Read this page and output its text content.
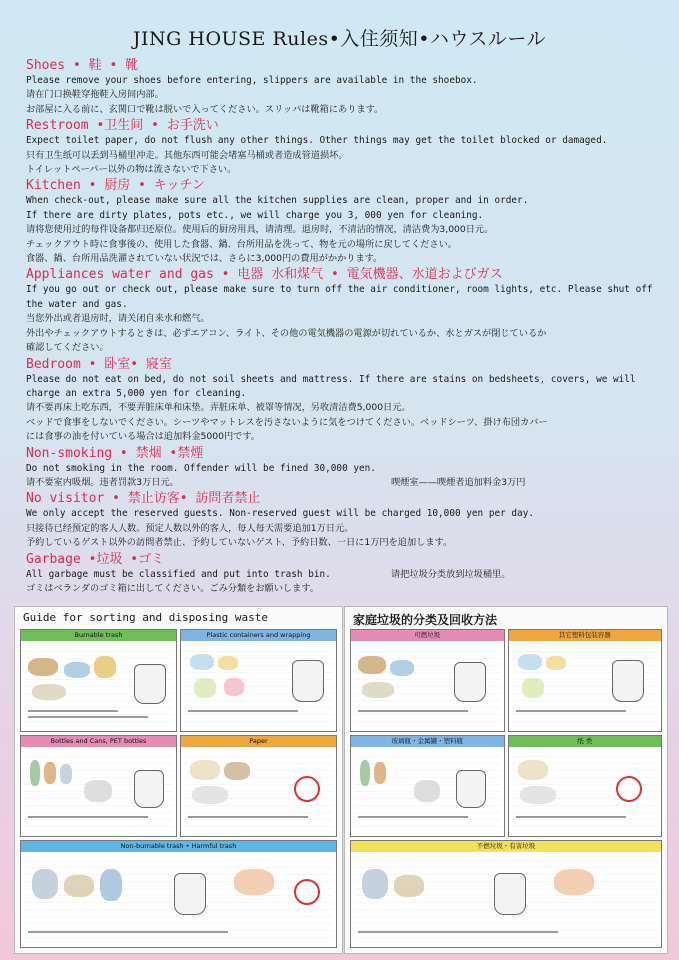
JING HOUSE Rules•入住须知•ハウスルール
Shoes • 鞋 • 靴
Please remove your shoes before entering, slippers are available in the shoebox.
请在门口换鞋穿拖鞋入房间内部。
お部屋に入る前に、玄関口で靴は脱いで入ってください。スリッパは靴箱にあります。
Restroom •卫生间 • お手洗い
Expect toilet paper, do not flush any other things. Other things may get the toilet blocked or damaged.
只有卫生纸可以丢到马桶里冲走。其他东西可能会堵塞马桶或者造成管道损坏。
トイレットペーパー以外の物は流さないで下さい。
Kitchen • 厨房 • キッチン
When check-out, please make sure all the kitchen supplies are clean, proper and in order.
If there are dirty plates, pots etc., we will charge you 3, 000 yen for cleaning.
请将您使用过的每件设备都归还原位。使用后的厨房用具，请清理。退房时，不清洁的情况，清洁费为3,000日元。
チェックアウト時に食事後の、使用した食器、鍋、台所用品を洗って、物を元の場所に戻してください。
食器、鍋、台所用品洗濯されていない状況では、さらに3,000円の費用がかかります。
Appliances water and gas • 电器 水和煤气 • 電気機器、水道およびガス
If you go out or check out, please make sure to turn off the air conditioner, room lights, etc. Please shut off
the water and gas.
当您外出或者退房时，请关闭自来水和燃气。
外出やチェックアウトするときは、必ずエアコン、ライト、その他の電気機器の電源が切れているか、水とガスが閉じているか
確認してください。
Bedroom • 卧室• 寢室
Please do not eat on bed, do not soil sheets and mattress. If there are stains on bedsheets, covers, we will
charge an extra 5,000 yen for cleaning.
请不要再床上吃东西，不要弄脏床单和床垫。弄脏床单、被罩等情况，另收清洁费5,000日元。
ベッドで食事をしないでください。シーツやマットレスを汚さないように気をつけてください。ベッドシーツ、掛け布団カバー
には食事の油を付いている場合は追加料金5000円です。
Non-smoking • 禁烟 •禁煙
Do not smoking in the room. Offender will be fined 30,000 yen.
请不要室内吸烟。违者罚款3万日元。	喫煙室——喫煙者追加料金3万円
No visitor • 禁止访客• 訪問者禁止
We only accept the reserved guests. Non-reserved guest will be charged 10,000 yen per day.
只接待已经预定的客人人数。预定人数以外的客人，每人每天需要追加1万日元。
予約しているゲスト以外の訪問者禁止、予約していないゲスト、予約日数、一日に1万円を追加します。
Garbage •垃圾 •ゴミ
All garbage must be classified and put into trash bin.	请把垃圾分类放到垃圾桶里。
ゴミはベランダのゴミ箱に出してください。ごみ分類をお願いします。
Guide for sorting and disposing waste
Burnable trash	Plastic containers and wrapping
Bottles and Cans, PET bottles	Paper
Non-burnable trash • Harmful trash
家庭垃圾的分类及回收方法
可燃垃圾	其它塑料包装容器
玻璃瓶・金属罐・塑料瓶	纸 类
不燃垃圾・有害垃圾
